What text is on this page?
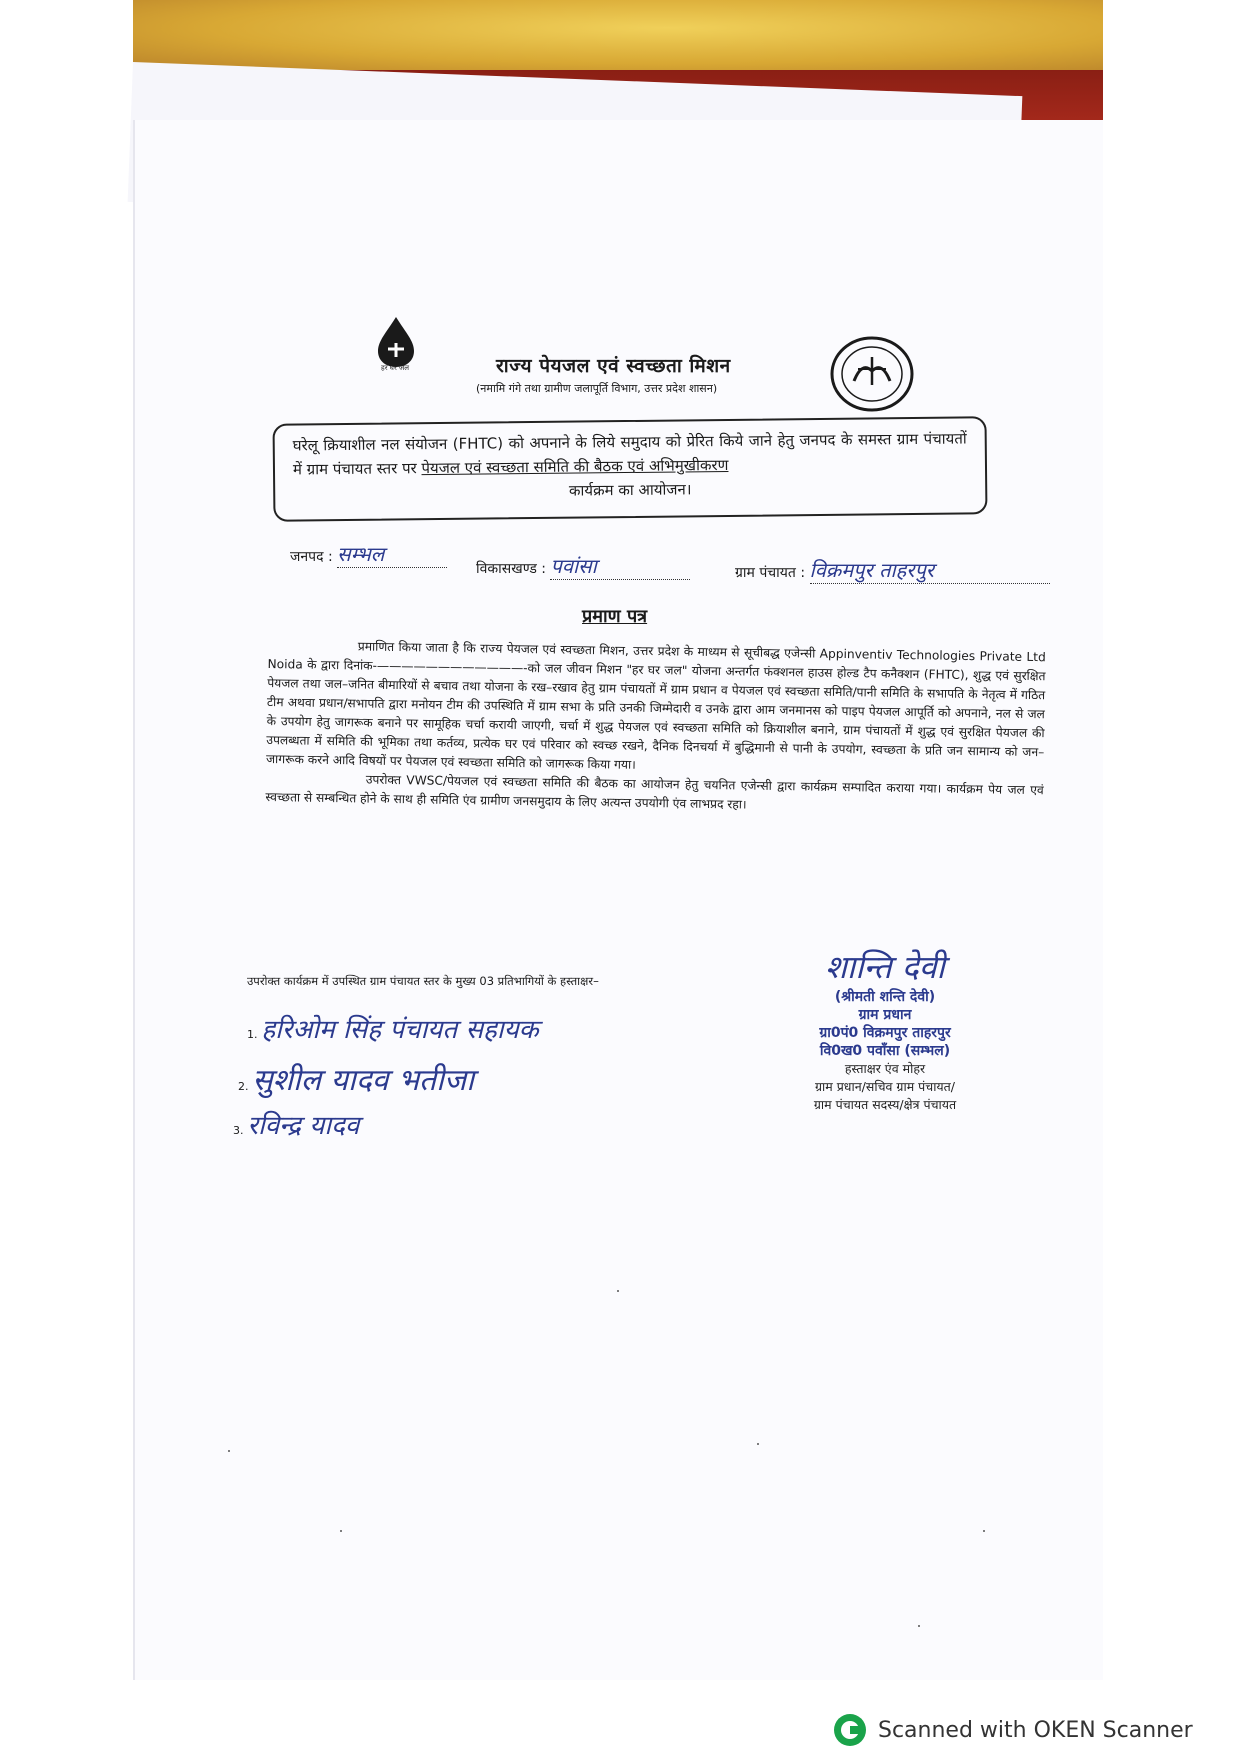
हर घर जल	राज्य पेयजल एवं स्वच्छता मिशन
(नमामि गंगे तथा ग्रामीण जलापूर्ति विभाग, उत्तर प्रदेश शासन)
घरेलू क्रियाशील नल संयोजन (FHTC) को अपनाने के लिये समुदाय को प्रेरित किये जाने हेतु जनपद के समस्त ग्राम पंचायतों में ग्राम पंचायत स्तर पर पेयजल एवं स्वच्छता समिति की बैठक एवं अभिमुखीकरण
कार्यक्रम का आयोजन।
जनपद : सम्भल
विकासखण्ड : पवांसा	ग्राम पंचायत : विक्रमपुर ताहरपुर
प्रमाण पत्र

प्रमाणित किया जाता है कि राज्य पेयजल एवं स्वच्छता मिशन, उत्तर प्रदेश के माध्यम से सूचीबद्ध एजेन्सी Appinventiv Technologies Private Ltd Noida के द्वारा दिनांक-————————————-को जल जीवन मिशन "हर घर जल" योजना अन्तर्गत फंक्शनल हाउस होल्ड टैप कनैक्शन (FHTC), शुद्ध एवं सुरक्षित पेयजल तथा जल–जनित बीमारियों से बचाव तथा योजना के रख–रखाव हेतु ग्राम पंचायतों में ग्राम प्रधान व पेयजल एवं स्वच्छता समिति/पानी समिति के सभापति के नेतृत्व में गठित टीम अथवा प्रधान/सभापति द्वारा मनोयन टीम की उपस्थिति में ग्राम सभा के प्रति उनकी जिम्मेदारी व उनके द्वारा आम जनमानस को पाइप पेयजल आपूर्ति को अपनाने, नल से जल के उपयोग हेतु जागरूक बनाने पर सामूहिक चर्चा करायी जाएगी, चर्चा में शुद्ध पेयजल एवं स्वच्छता समिति को क्रियाशील बनाने, ग्राम पंचायतों में शुद्ध एवं सुरक्षित पेयजल की उपलब्धता में समिति की भूमिका तथा कर्तव्य, प्रत्येक घर एवं परिवार को स्वच्छ रखने, दैनिक दिनचर्या में बुद्धिमानी से पानी के उपयोग, स्वच्छता के प्रति जन सामान्य को जन–जागरूक करने आदि विषयों पर पेयजल एवं स्वच्छता समिति को जागरूक किया गया।

उपरोक्त VWSC/पेयजल एवं स्वच्छता समिति की बैठक का आयोजन हेतु चयनित एजेन्सी द्वारा कार्यक्रम सम्पादित कराया गया। कार्यक्रम पेय जल एवं स्वच्छता से सम्बन्धित होने के साथ ही समिति एंव ग्रामीण जनसमुदाय के लिए अत्यन्त उपयोगी एंव लाभप्रद रहा।

उपरोक्त कार्यक्रम में उपस्थित ग्राम पंचायत स्तर के मुख्य 03 प्रतिभागियों के हस्ताक्षर–
1. हरिओम सिंह पंचायत सहायक
2. सुशील यादव भतीजा
3. रविन्द्र यादव
शान्ति देवी
(श्रीमती शन्ति देवी)
ग्राम प्रधान
ग्रा0पं0 विक्रमपुर ताहरपुर
वि0ख0 पवाँसा (सम्भल)
हस्ताक्षर एंव मोहर
ग्राम प्रधान/सचिव ग्राम पंचायत/
ग्राम पंचायत सदस्य/क्षेत्र पंचायत
Scanned with OKEN Scanner
